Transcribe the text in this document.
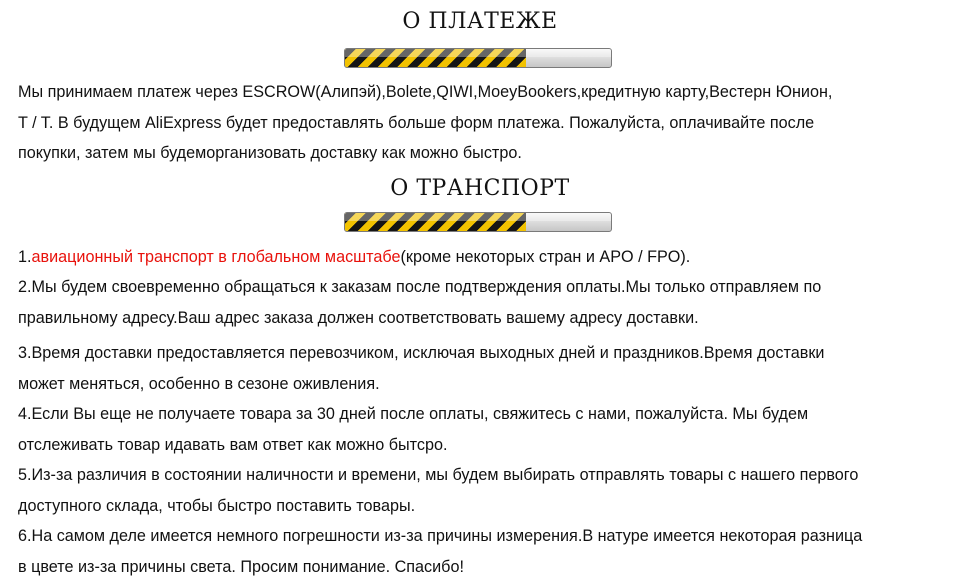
О ПЛАТЕЖЕ
Мы принимаем платеж через ESCROW(Алипэй),Bolete,QIWI,MoeyBookers,кредитную карту,Вестерн Юнион,
T / T. В будущем AliExpress будет предоставлять больше форм платежа. Пожалуйста, оплачивайте после
покупки, затем мы будеморганизовать доставку как можно быстро.
О ТРАНСПОРТ
1.авиационный транспорт в глобальном масштабе(кроме некоторых стран и APO / FPO).
2.Мы будем своевременно обращаться к заказам после подтверждения оплаты.Мы только отправляем по
правильному адресу.Ваш адрес заказа должен соответствовать вашему адресу доставки.
3.Время доставки предоставляется перевозчиком, исключая выходных дней и праздников.Время доставки
может меняться, особенно в сезоне оживления.
4.Если Вы еще не получаете товара за 30 дней после оплаты, свяжитесь с нами, пожалуйста. Мы будем
отслеживать товар идавать вам ответ как можно бытсро.
5.Из-за различия в состоянии наличности и времени, мы будем выбирать отправлять товары с нашего первого
доступного склада, чтобы быстро поставить товары.
6.На самом деле имеется немного погрешности из-за причины измерения.В натуре имеется некоторая разница
в цвете из-за причины света. Просим понимание. Спасибо!
